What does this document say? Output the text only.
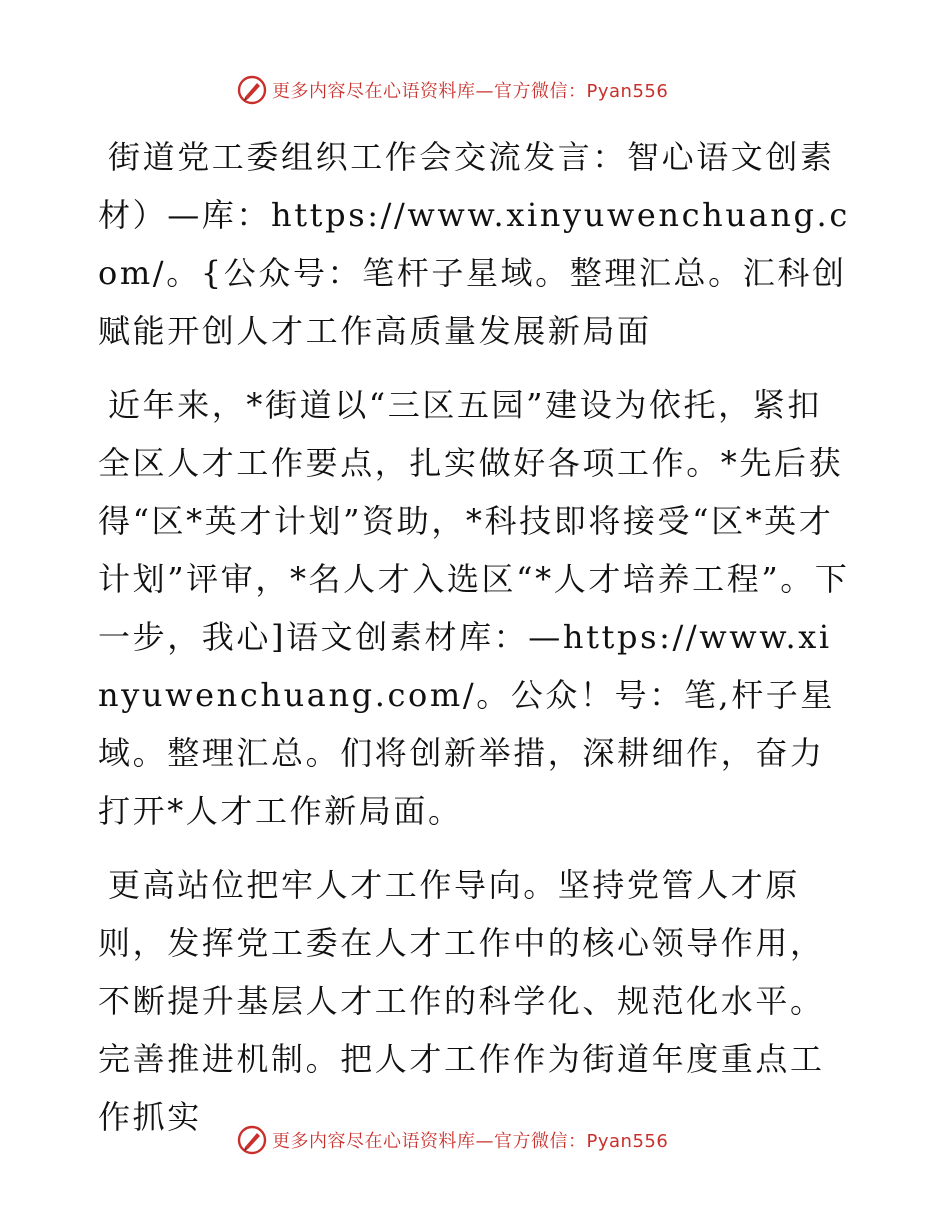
更多内容尽在心语资料库—官方微信：Pyan556

街道党工委组织工作会交流发言：智心语文创素材）—库：https://www.xinyuwenchuang.com/。{公众号：笔杆子星域。整理汇总。汇科创赋能开创人才工作高质量发展新局面

近年来，*街道以“三区五园”建设为依托，紧扣全区人才工作要点，扎实做好各项工作。*先后获得“区*英才计划”资助，*科技即将接受“区*英才计划”评审，*名人才入选区“*人才培养工程”。下一步，我心]语文创素材库：—https://www.xinyuwenchuang.com/。公众！号：笔,杆子星域。整理汇总。们将创新举措，深耕细作，奋力打开*人才工作新局面。

更高站位把牢人才工作导向。坚持党管人才原则，发挥党工委在人才工作中的核心领导作用，不断提升基层人才工作的科学化、规范化水平。完善推进机制。把人才工作作为街道年度重点工作抓实

更多内容尽在心语资料库—官方微信：Pyan556
